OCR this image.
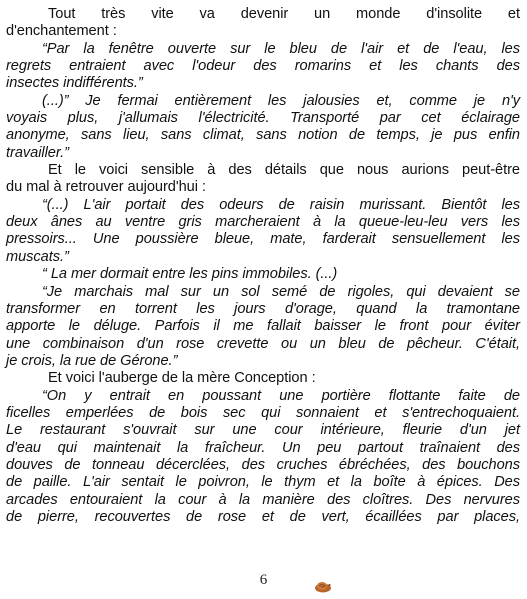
Tout très vite va devenir un monde d'insolite et
d'enchantement :
“Par la fenêtre ouverte sur le bleu de l'air et de l'eau, les
regrets entraient avec l'odeur des romarins et les chants des
insectes indifférents.”
(...)” Je fermai entièrement les jalousies et, comme je n'y
voyais plus, j'allumais l'électricité. Transporté par cet éclairage
anonyme, sans lieu, sans climat, sans notion de temps, je pus enfin
travailler.”
Et le voici sensible à des détails que nous aurions peut-être
du mal à retrouver aujourd'hui :
“(...) L'air portait des odeurs de raisin murissant. Bientôt les
deux ânes au ventre gris marcheraient à la queue-leu-leu vers les
pressoirs... Une poussière bleue, mate, farderait sensuellement les
muscats.”
“ La mer dormait entre les pins immobiles. (...)
“Je marchais mal sur un sol semé de rigoles, qui devaient se
transformer en torrent les jours d'orage, quand la tramontane
apporte le déluge. Parfois il me fallait baisser le front pour éviter
une combinaison d'un rose crevette ou un bleu de pêcheur. C'était,
je crois, la rue de Gérone.”
Et voici l'auberge de la mère Conception :
“On y entrait en poussant une portière flottante faite de
ficelles emperlées de bois sec qui sonnaient et s'entrechoquaient.
Le restaurant s'ouvrait sur une cour intérieure, fleurie d'un jet
d'eau qui maintenait la fraîcheur. Un peu partout traînaient des
douves de tonneau décerclées, des cruches ébréchées, des bouchons
de paille. L'air sentait le poivron, le thym et la boîte à épices. Des
arcades entouraient la cour à la manière des cloîtres. Des nervures
de pierre, recouvertes de rose et de vert, écaillées par places,
6
